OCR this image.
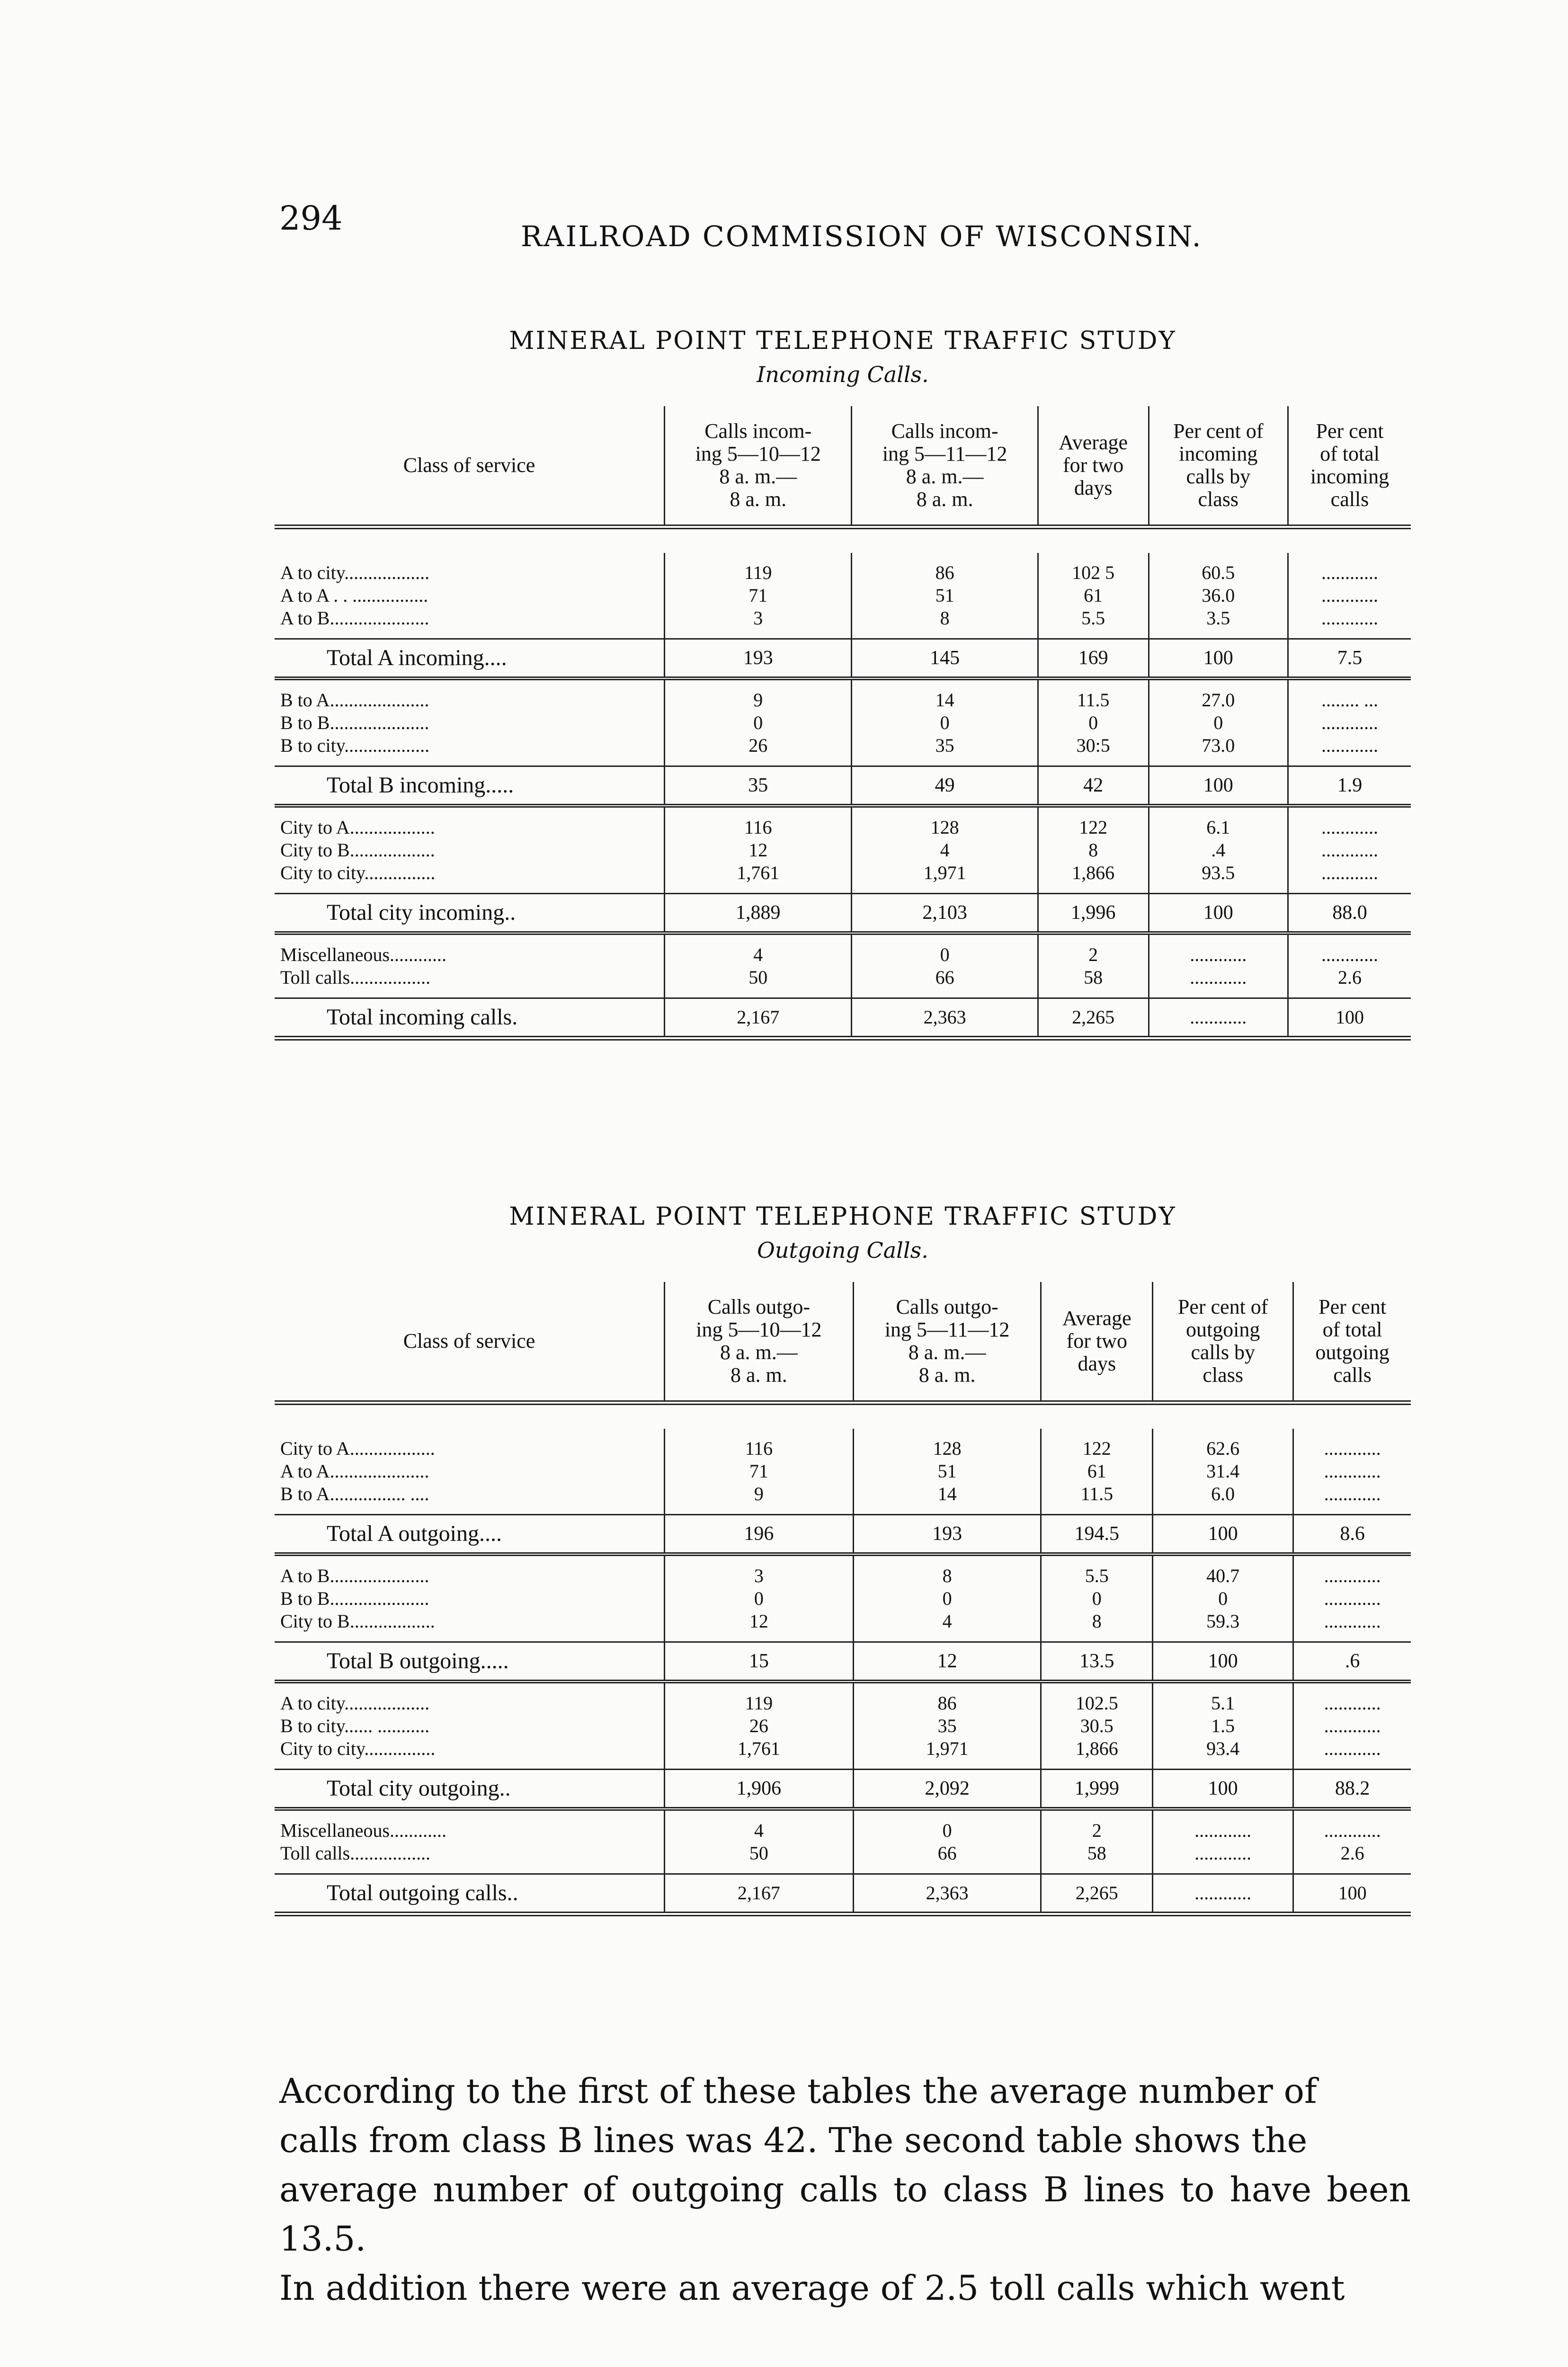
294	RAILROAD COMMISSION OF WISCONSIN.
MINERAL POINT TELEPHONE TRAFFIC STUDY
Incoming Calls.

Class of service	Calls incom-
ing 5—10—12
8 a. m.—
8 a. m.	Calls incom-
ing 5—11—12
8 a. m.—
8 a. m.	Average
for two
days	Per cent of
incoming
calls by
class	Per cent
of total
incoming
calls

A to city..................	119	86	102 5	60.5	............

A to A . . ................	71	51	61	36.0	............

A to B.....................	3	8	5.5	3.5	............

Total A incoming....	193	145	169	100	7.5

B to A.....................	9	14	11.5	27.0	........ ...

B to B.....................	0	0	0	0	............

B to city..................	26	35	30:5	73.0	............

Total B incoming.....	35	49	42	100	1.9

City to A..................	116	128	122	6.1	............

City to B..................	12	4	8	.4	............

City to city...............	1,761	1,971	1,866	93.5	............

Total city incoming..	1,889	2,103	1,996	100	88.0

Miscellaneous............	4	0	2	............	............

Toll calls.................	50	66	58	............	2.6

Total incoming calls.	2,167	2,363	2,265	............	100

MINERAL POINT TELEPHONE TRAFFIC STUDY
Outgoing Calls.

Class of service	Calls outgo-
ing 5—10—12
8 a. m.—
8 a. m.	Calls outgo-
ing 5—11—12
8 a. m.—
8 a. m.	Average
for two
days	Per cent of
outgoing
calls by
class	Per cent
of total
outgoing
calls

City to A..................	116	128	122	62.6	............

A to A.....................	71	51	61	31.4	............

B to A................ ....	9	14	11.5	6.0	............

Total A outgoing....	196	193	194.5	100	8.6

A to B.....................	3	8	5.5	40.7	............

B to B.....................	0	0	0	0	............

City to B..................	12	4	8	59.3	............

Total B outgoing.....	15	12	13.5	100	.6

A to city..................	119	86	102.5	5.1	............

B to city...... ...........	26	35	30.5	1.5	............

City to city...............	1,761	1,971	1,866	93.4	............

Total city outgoing..	1,906	2,092	1,999	100	88.2

Miscellaneous............	4	0	2	............	............

Toll calls.................	50	66	58	............	2.6

Total outgoing calls..	2,167	2,363	2,265	............	100

According to the first of these tables the average number of

calls from class B lines was 42. The second table shows the

average number of outgoing calls to class B lines to have been 13.5.

In addition there were an average of 2.5 toll calls which went
